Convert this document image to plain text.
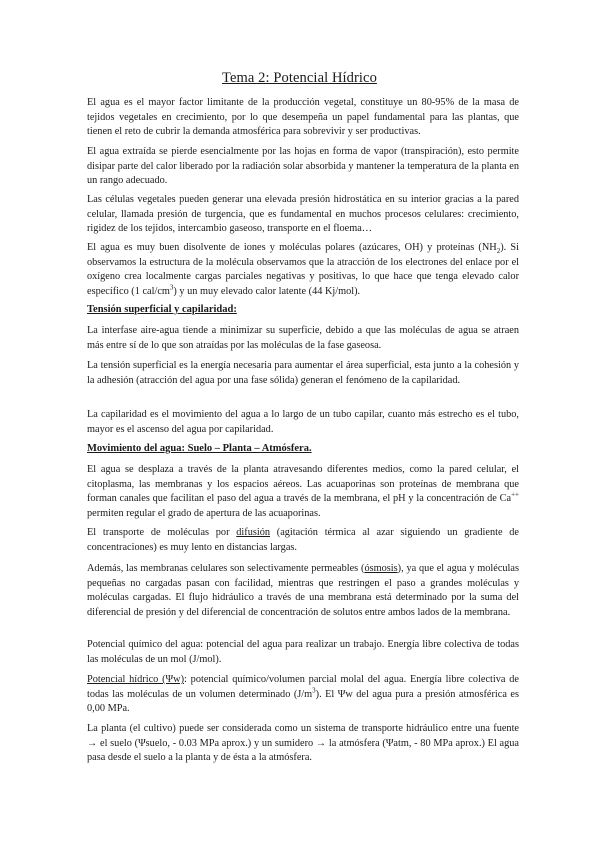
Tema 2: Potencial Hídrico

El agua es el mayor factor limitante de la producción vegetal, constituye un 80-95% de la masa de tejidos vegetales en crecimiento, por lo que desempeña un papel fundamental para las plantas, que tienen el reto de cubrir la demanda atmosférica para sobrevivir y ser productivas.

El agua extraída se pierde esencialmente por las hojas en forma de vapor (transpiración), esto permite disipar parte del calor liberado por la radiación solar absorbida y mantener la temperatura de la planta en un rango adecuado.

Las células vegetales pueden generar una elevada presión hidrostática en su interior gracias a la pared celular, llamada presión de turgencia, que es fundamental en muchos procesos celulares: crecimiento, rigidez de los tejidos, intercambio gaseoso, transporte en el floema…

El agua es muy buen disolvente de iones y moléculas polares (azúcares, OH) y proteínas $(NH_2)$. Si observamos la estructura de la molécula observamos que la atracción de los electrones del enlace por el oxígeno crea localmente cargas parciales negativas y positivas, lo que hace que tenga elevado calor específico (1 cal/$cm^3$) y un muy elevado calor latente (44 Kj/mol).

Tensión superficial y capilaridad:

La interfase aire-agua tiende a minimizar su superficie, debido a que las moléculas de agua se atraen más entre sí de lo que son atraídas por las moléculas de la fase gaseosa.

La tensión superficial es la energía necesaria para aumentar el área superficial, esta junto a la cohesión y la adhesión (atracción del agua por una fase sólida) generan el fenómeno de la capilaridad.

La capilaridad es el movimiento del agua a lo largo de un tubo capilar, cuanto más estrecho es el tubo, mayor es el ascenso del agua por capilaridad.

Movimiento del agua: Suelo – Planta – Atmósfera.

El agua se desplaza a través de la planta atravesando diferentes medios, como la pared celular, el citoplasma, las membranas y los espacios aéreos. Las acuaporinas son proteínas de membrana que forman canales que facilitan el paso del agua a través de la membrana, el pH y la concentración de Ca++ permiten regular el grado de apertura de las acuaporinas.

El transporte de moléculas por difusión (agitación térmica al azar siguiendo un gradiente de concentraciones) es muy lento en distancias largas.

Además, las membranas celulares son selectivamente permeables (ósmosis), ya que el agua y moléculas pequeñas no cargadas pasan con facilidad, mientras que restringen el paso a grandes moléculas y moléculas cargadas. El flujo hidráulico a través de una membrana está determinado por la suma del diferencial de presión y del diferencial de concentración de solutos entre ambos lados de la membrana.

Potencial químico del agua: potencial del agua para realizar un trabajo. Energía libre colectiva de todas las moléculas de un mol (J/mol).

Potencial hídrico (Ψw): potencial químico/volumen parcial molal del agua. Energía libre colectiva de todas las moléculas de un volumen determinado $(J/m^3)$. El Ψw del agua pura a presión atmosférica es 0,00 MPa.

La planta (el cultivo) puede ser considerada como un sistema de transporte hidráulico entre una fuente → el suelo (Ψsuelo, - 0.03 MPa aprox.) y un sumidero → la atmósfera (Ψatm, - 80 MPa aprox.) El agua pasa desde el suelo a la planta y de ésta a la atmósfera.
